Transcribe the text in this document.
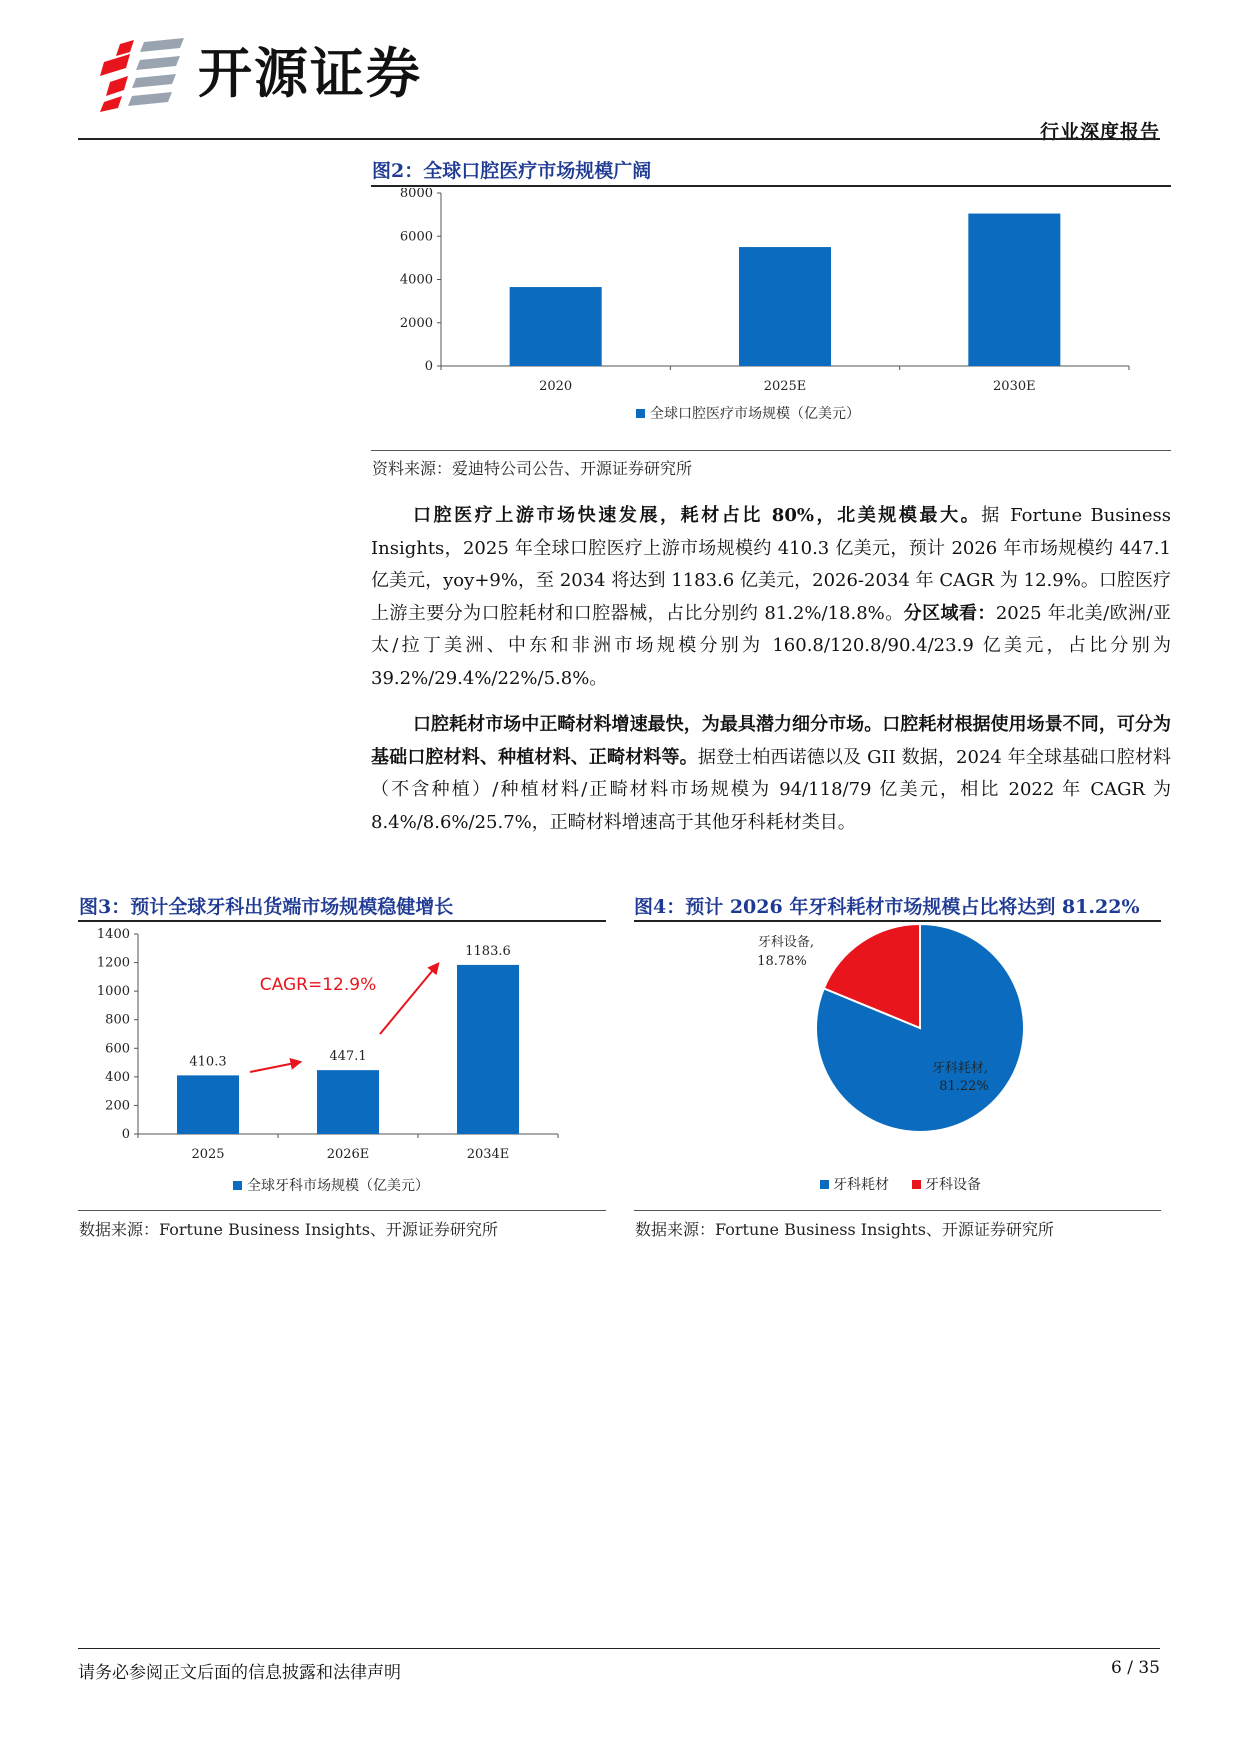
开源证券
行业深度报告
图2：全球口腔医疗市场规模广阔
0
2000
4000
6000
8000
2020	2025E	2030E
全球口腔医疗市场规模（亿美元）
资料来源：爱迪特公司公告、开源证券研究所
口腔医疗上游市场快速发展，耗材占比 80%，北美规模最大。据 Fortune Business Insights，2025 年全球口腔医疗上游市场规模约 410.3 亿美元，预计 2026 年市场规模约 447.1 亿美元，yoy+9%，至 2034 将达到 1183.6 亿美元，2026-2034 年 CAGR 为 12.9%。口腔医疗上游主要分为口腔耗材和口腔器械，占比分别约 81.2%/18.8%。分区域看：2025 年北美/欧洲/亚太/拉丁美洲、中东和非洲市场规模分别为 160.8/120.8/90.4/23.9 亿美元，占比分别为 39.2%/29.4%/22%/5.8%。
口腔耗材市场中正畸材料增速最快，为最具潜力细分市场。口腔耗材根据使用场景不同，可分为基础口腔材料、种植材料、正畸材料等。据登士柏西诺德以及 GII 数据，2024 年全球基础口腔材料（不含种植）/种植材料/正畸材料市场规模为 94/118/79 亿美元，相比 2022 年 CAGR 为 8.4%/8.6%/25.7%，正畸材料增速高于其他牙科耗材类目。
图3：预计全球牙科出货端市场规模稳健增长
0
200
400
600
800
1000
1200
1400
2025
410.3
2026E
447.1
2034E
1183.6
全球牙科市场规模（亿美元）
CAGR=12.9%
数据来源：Fortune Business Insights、开源证券研究所
图4：预计 2026 年牙科耗材市场规模占比将达到 81.22%
牙科耗材,
81.22%
牙科设备,
18.78%
牙科耗材	牙科设备
数据来源：Fortune Business Insights、开源证券研究所
请务必参阅正文后面的信息披露和法律声明	6 / 35
